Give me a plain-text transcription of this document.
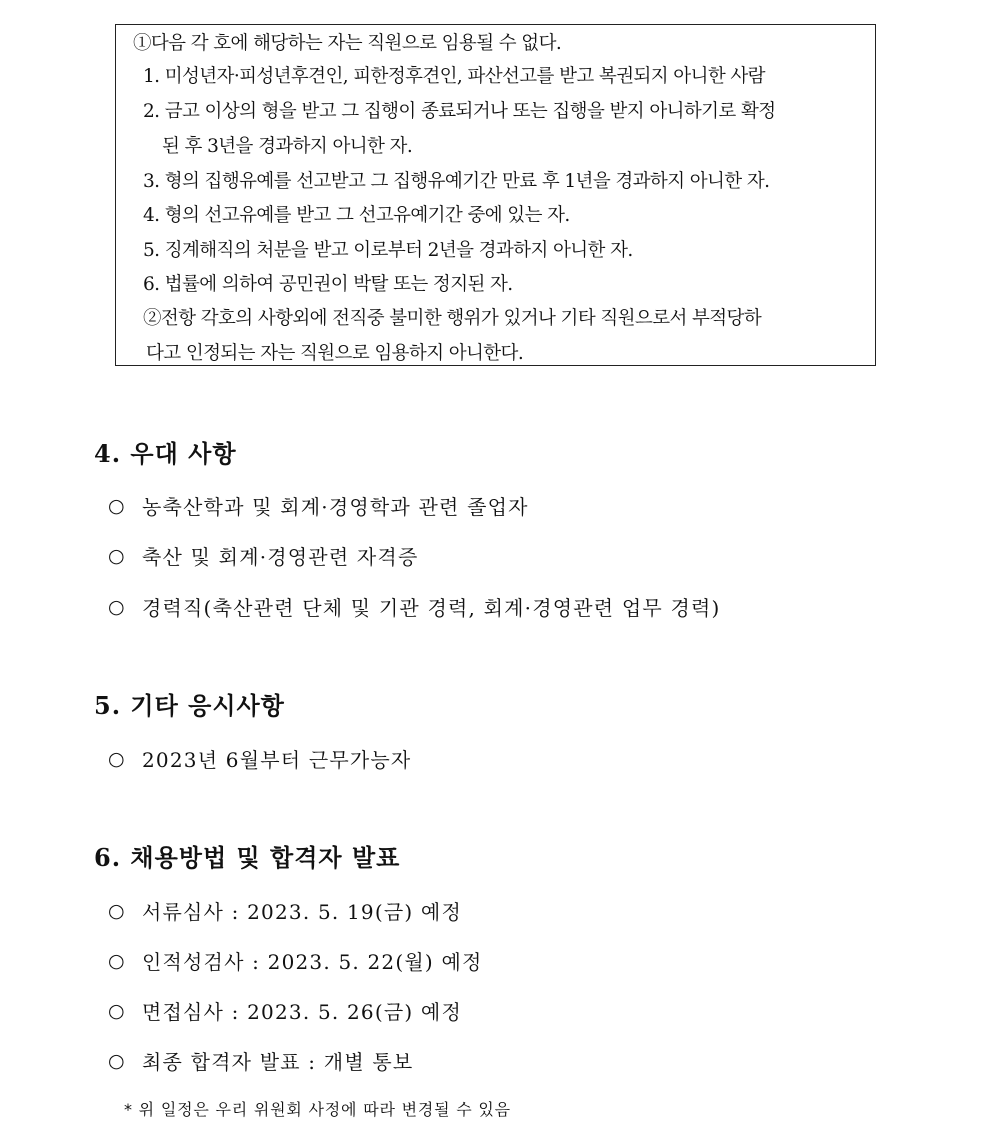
①다음 각 호에 해당하는 자는 직원으로 임용될 수 없다.
1. 미성년자·피성년후견인, 피한정후견인, 파산선고를 받고 복권되지 아니한 사람
2. 금고 이상의 형을 받고 그 집행이 종료되거나 또는 집행을 받지 아니하기로 확정
된 후 3년을 경과하지 아니한 자.
3. 형의 집행유예를 선고받고 그 집행유예기간 만료 후 1년을 경과하지 아니한 자.
4. 형의 선고유예를 받고 그 선고유예기간 중에 있는 자.
5. 징계해직의 처분을 받고 이로부터 2년을 경과하지 아니한 자.
6. 법률에 의하여 공민권이 박탈 또는 정지된 자.
②전항 각호의 사항외에 전직중 불미한 행위가 있거나 기타 직원으로서 부적당하
다고 인정되는 자는 직원으로 임용하지 아니한다.
4. 우대 사항
○ 농축산학과 및 회계·경영학과 관련 졸업자
○ 축산 및 회계·경영관련 자격증
○ 경력직(축산관련 단체 및 기관 경력, 회계·경영관련 업무 경력)
5. 기타 응시사항
○ 2023년 6월부터 근무가능자
6. 채용방법 및 합격자 발표
○ 서류심사 : 2023. 5. 19(금) 예정
○ 인적성검사 : 2023. 5. 22(월) 예정
○ 면접심사 : 2023. 5. 26(금) 예정
○ 최종 합격자 발표 : 개별 통보
* 위 일정은 우리 위원회 사정에 따라 변경될 수 있음
